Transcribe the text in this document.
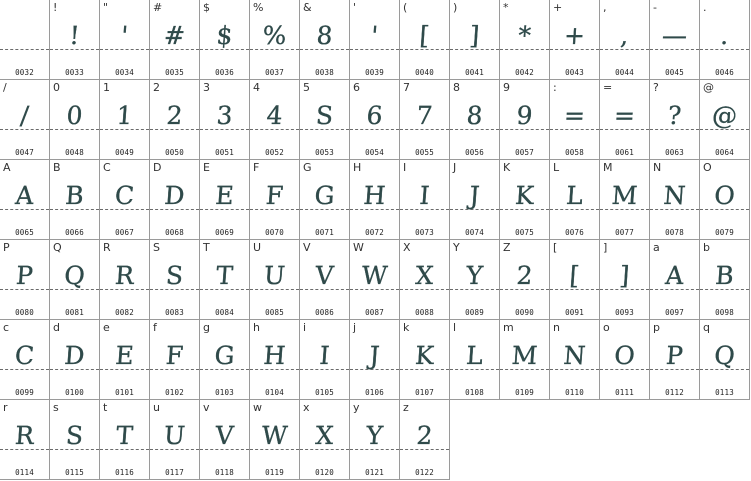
0032
!
!
0033
"
'
0034
#
#
0035
$
$
0036
%
%
0037
&
8
0038
'
'
0039
(
[
0040
)
]
0041
*
*
0042
+
+
0043
,
,
0044
-
—
0045
.
.
0046
/
/
0047
0
0
0048
1
1
0049
2
2
0050
3
3
0051
4
4
0052
5
S
0053
6
6
0054
7
7
0055
8
8
0056
9
9
0057
:
=
0058
=
=
0061
?
?
0063
@
@
0064
A
A
0065
B
B
0066
C
C
0067
D
D
0068
E
E
0069
F
F
0070
G
G
0071
H
H
0072
I
I
0073
J
J
0074
K
K
0075
L
L
0076
M
M
0077
N
N
0078
O
O
0079
P
P
0080
Q
Q
0081
R
R
0082
S
S
0083
T
T
0084
U
U
0085
V
V
0086
W
W
0087
X
X
0088
Y
Y
0089
Z
2
0090
[
[
0091
]
]
0093
a
A
0097
b
B
0098
c
C
0099
d
D
0100
e
E
0101
f
F
0102
g
G
0103
h
H
0104
i
I
0105
j
J
0106
k
K
0107
l
L
0108
m
M
0109
n
N
0110
o
O
0111
p
P
0112
q
Q
0113
r
R
0114
s
S
0115
t
T
0116
u
U
0117
v
V
0118
w
W
0119
x
X
0120
y
Y
0121
z
2
0122
